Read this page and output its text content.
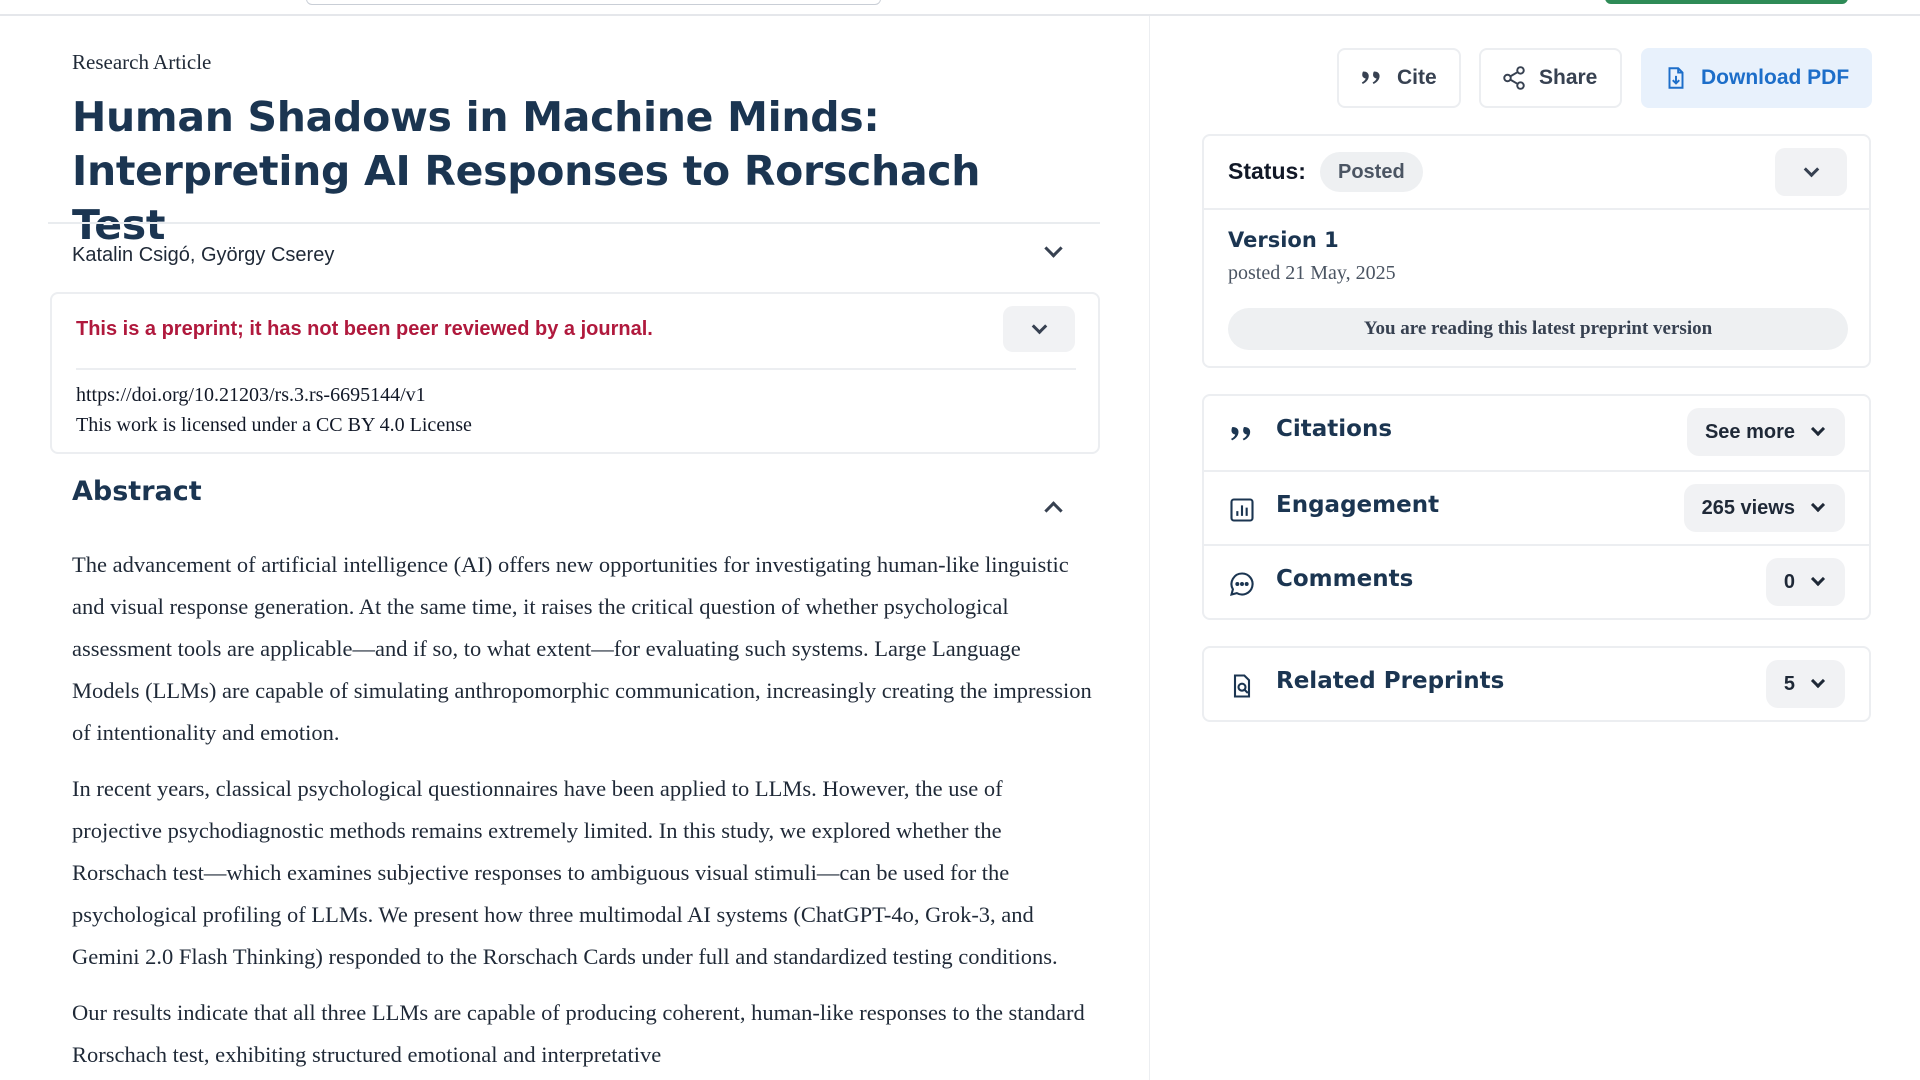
Research Article
Human Shadows in Machine Minds: Interpreting AI Responses to Rorschach Test
Katalin Csigó, György Cserey
This is a preprint; it has not been peer reviewed by a journal.
https://doi.org/10.21203/rs.3.rs-6695144/v1
This work is licensed under a CC BY 4.0 License
Abstract

The advancement of artificial intelligence (AI) offers new opportunities for investigating human-like linguistic and visual response generation. At the same time, it raises the critical question of whether psychological assessment tools are applicable—and if so, to what extent—for evaluating such systems. Large Language Models (LLMs) are capable of simulating anthropomorphic communication, increasingly creating the impression of intentionality and emotion.

In recent years, classical psychological questionnaires have been applied to LLMs. However, the use of projective psychodiagnostic methods remains extremely limited. In this study, we explored whether the Rorschach test—which examines subjective responses to ambiguous visual stimuli—can be used for the psychological profiling of LLMs. We present how three multimodal AI systems (ChatGPT-4o, Grok-3, and Gemini 2.0 Flash Thinking) responded to the Rorschach Cards under full and standardized testing conditions.

Our results indicate that all three LLMs are capable of producing coherent, human-like responses to the standard Rorschach test, exhibiting structured emotional and interpretative

Cite	Share	Download PDF
Status:	Posted
Version 1
posted 21 May, 2025
You are reading this latest preprint version
Citations	See more
Engagement	265 views
Comments	0
Related Preprints	5
